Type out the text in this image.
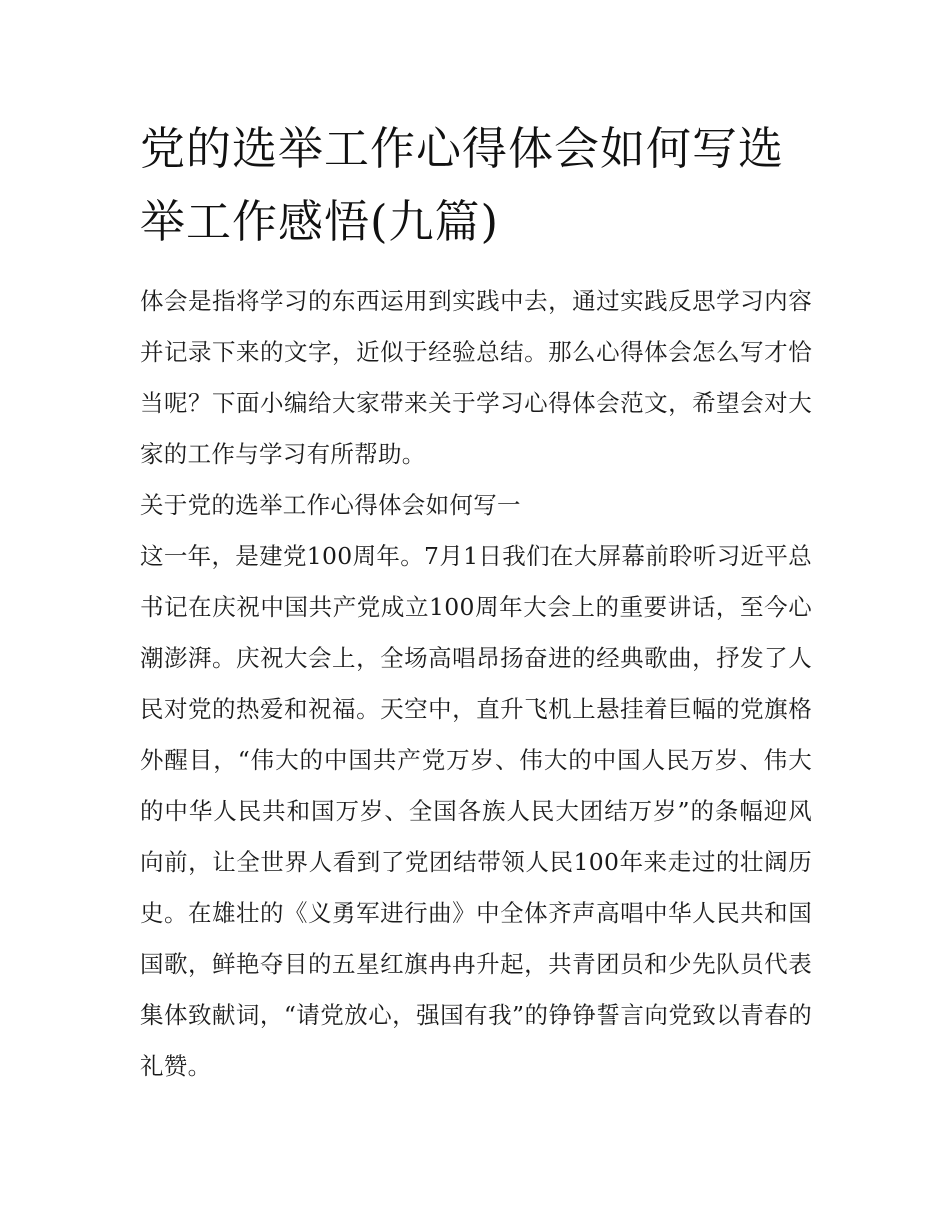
党的选举工作心得体会如何写选举工作感悟(九篇)

体会是指将学习的东西运用到实践中去，通过实践反思学习内容并记录下来的文字，近似于经验总结。那么心得体会怎么写才恰当呢？下面小编给大家带来关于学习心得体会范文，希望会对大家的工作与学习有所帮助。

关于党的选举工作心得体会如何写一

这一年，是建党100周年。7月1日我们在大屏幕前聆听习近平总书记在庆祝中国共产党成立100周年大会上的重要讲话，至今心潮澎湃。庆祝大会上，全场高唱昂扬奋进的经典歌曲，抒发了人民对党的热爱和祝福。天空中，直升飞机上悬挂着巨幅的党旗格外醒目，“伟大的中国共产党万岁、伟大的中国人民万岁、伟大的中华人民共和国万岁、全国各族人民大团结万岁”的条幅迎风向前，让全世界人看到了党团结带领人民100年来走过的壮阔历史。在雄壮的《义勇军进行曲》中全体齐声高唱中华人民共和国国歌，鲜艳夺目的五星红旗冉冉升起，共青团员和少先队员代表集体致献词，“请党放心，强国有我”的铮铮誓言向党致以青春的礼赞。
